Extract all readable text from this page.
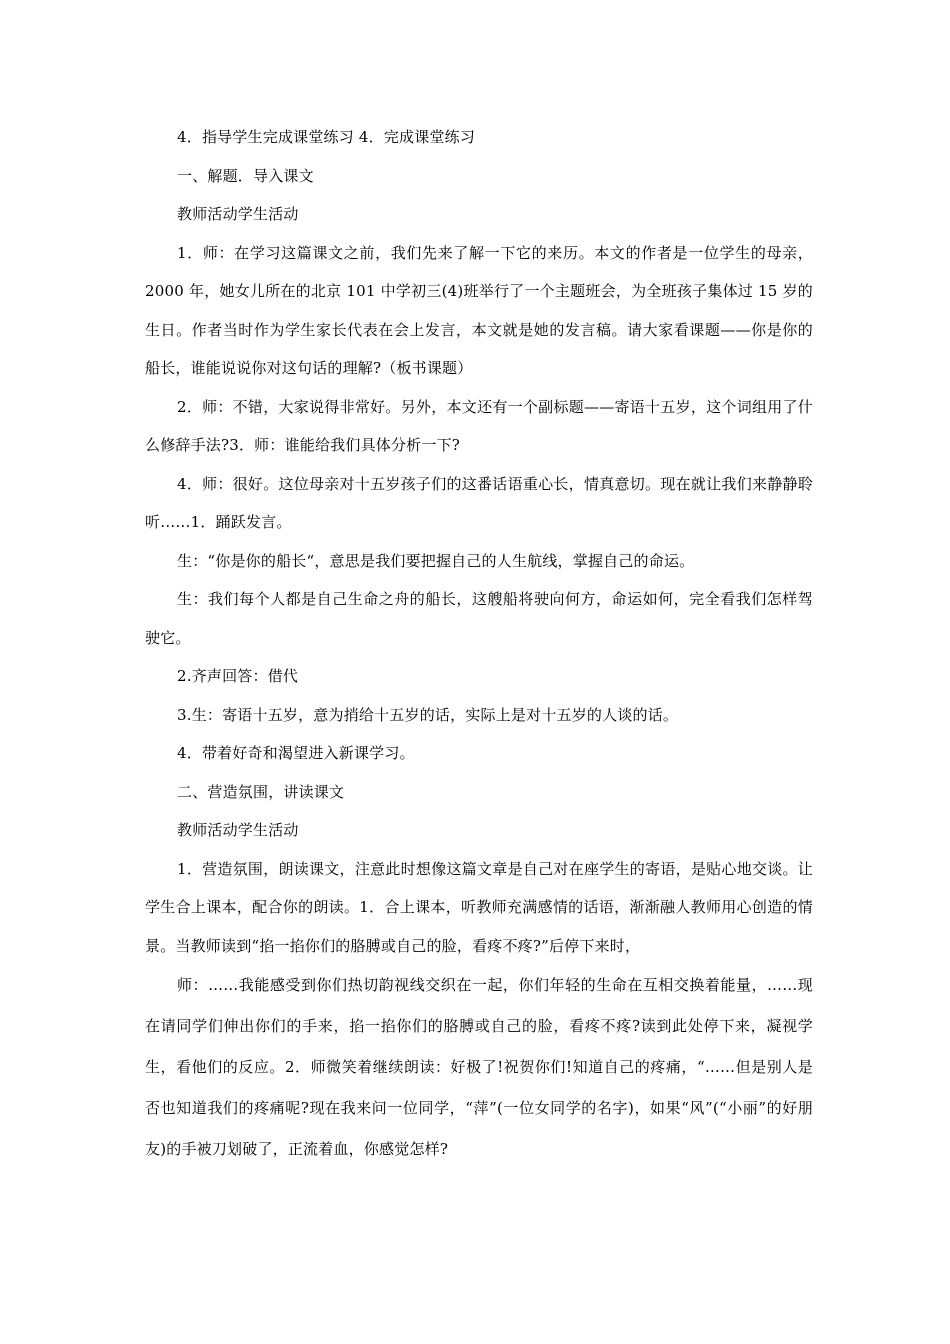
4．指导学生完成课堂练习 4．完成课堂练习

一、解题．导入课文

教师活动学生活动

1．师：在学习这篇课文之前，我们先来了解一下它的来历。本文的作者是一位学生的母亲，2000 年，她女儿所在的北京 101 中学初三(4)班举行了一个主题班会，为全班孩子集体过 15 岁的生日。作者当时作为学生家长代表在会上发言，本文就是她的发言稿。请大家看课题——你是你的船长，谁能说说你对这句话的理解?（板书课题）

2．师：不错，大家说得非常好。另外，本文还有一个副标题——寄语十五岁，这个词组用了什么修辞手法?3．师：谁能给我们具体分析一下?

4．师：很好。这位母亲对十五岁孩子们的这番话语重心长，情真意切。现在就让我们来静静聆听……1．踊跃发言。

生：“你是你的船长“，意思是我们要把握自己的人生航线，掌握自己的命运。

生：我们每个人都是自己生命之舟的船长，这艘船将驶向何方，命运如何，完全看我们怎样驾驶它。

2.齐声回答：借代

3.生：寄语十五岁，意为捎给十五岁的话，实际上是对十五岁的人谈的话。

4．带着好奇和渴望进入新课学习。

二、营造氛围，讲读课文

教师活动学生活动

1．营造氛围，朗读课文，注意此时想像这篇文章是自己对在座学生的寄语，是贴心地交谈。让学生合上课本，配合你的朗读。1．合上课本，听教师充满感情的话语，渐渐融人教师用心创造的情景。当教师读到“掐一掐你们的胳膊或自己的脸，看疼不疼?”后停下来时，

师：……我能感受到你们热切韵视线交织在一起，你们年轻的生命在互相交换着能量，……现在请同学们伸出你们的手来，掐一掐你们的胳膊或自己的脸，看疼不疼?读到此处停下来，凝视学生，看他们的反应。2．师微笑着继续朗读：好极了!祝贺你们!知道自己的疼痛，“……但是别人是否也知道我们的疼痛呢?现在我来问一位同学，“萍”(一位女同学的名字)，如果“风”(“小丽”的好朋友)的手被刀划破了，正流着血，你感觉怎样?
